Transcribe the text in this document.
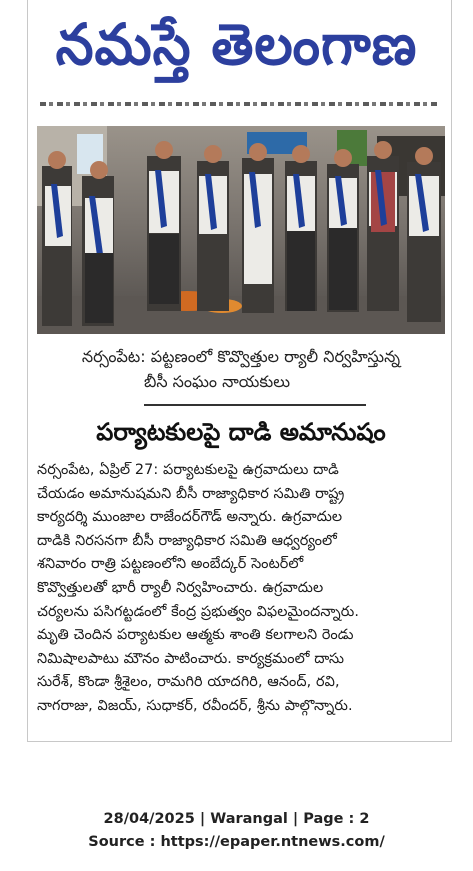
నమస్తే తెలంగాణ
నర్సంపేట: పట్టణంలో కొవ్వొత్తుల ర్యాలీ నిర్వహిస్తున్న
బీసీ సంఘం నాయకులు
పర్యాటకులపై దాడి అమానుషం
నర్సంపేట, ఏప్రిల్ 27: పర్యాటకులపై ఉగ్రవాదులు దాడి
చేయడం అమానుషమని బీసీ రాజ్యాధికార సమితి రాష్ట్ర
కార్యదర్శి ముంజాల రాజేందర్‌గౌడ్ అన్నారు. ఉగ్రవాదుల
దాడికి నిరసనగా బీసీ రాజ్యాధికార సమితి ఆధ్వర్యంలో
శనివారం రాత్రి పట్టణంలోని అంబేద్కర్ సెంటర్‌లో
కొవ్వొత్తులతో భారీ ర్యాలీ నిర్వహించారు. ఉగ్రవాదుల
చర్యలను పసిగట్టడంలో కేంద్ర ప్రభుత్వం విఫలమైందన్నారు.
మృతి చెందిన పర్యాటకుల ఆత్మకు శాంతి కలగాలని రెండు
నిమిషాలపాటు మౌనం పాటించారు. కార్యక్రమంలో దాసు
సురేశ్, కొండా శ్రీశైలం, రామగిరి యాదగిరి, ఆనంద్, రవి,
నాగరాజు, విజయ్, సుధాకర్, రవీందర్, శ్రీను పాల్గొన్నారు.
28/04/2025 | Warangal | Page : 2
Source : https://epaper.ntnews.com/
